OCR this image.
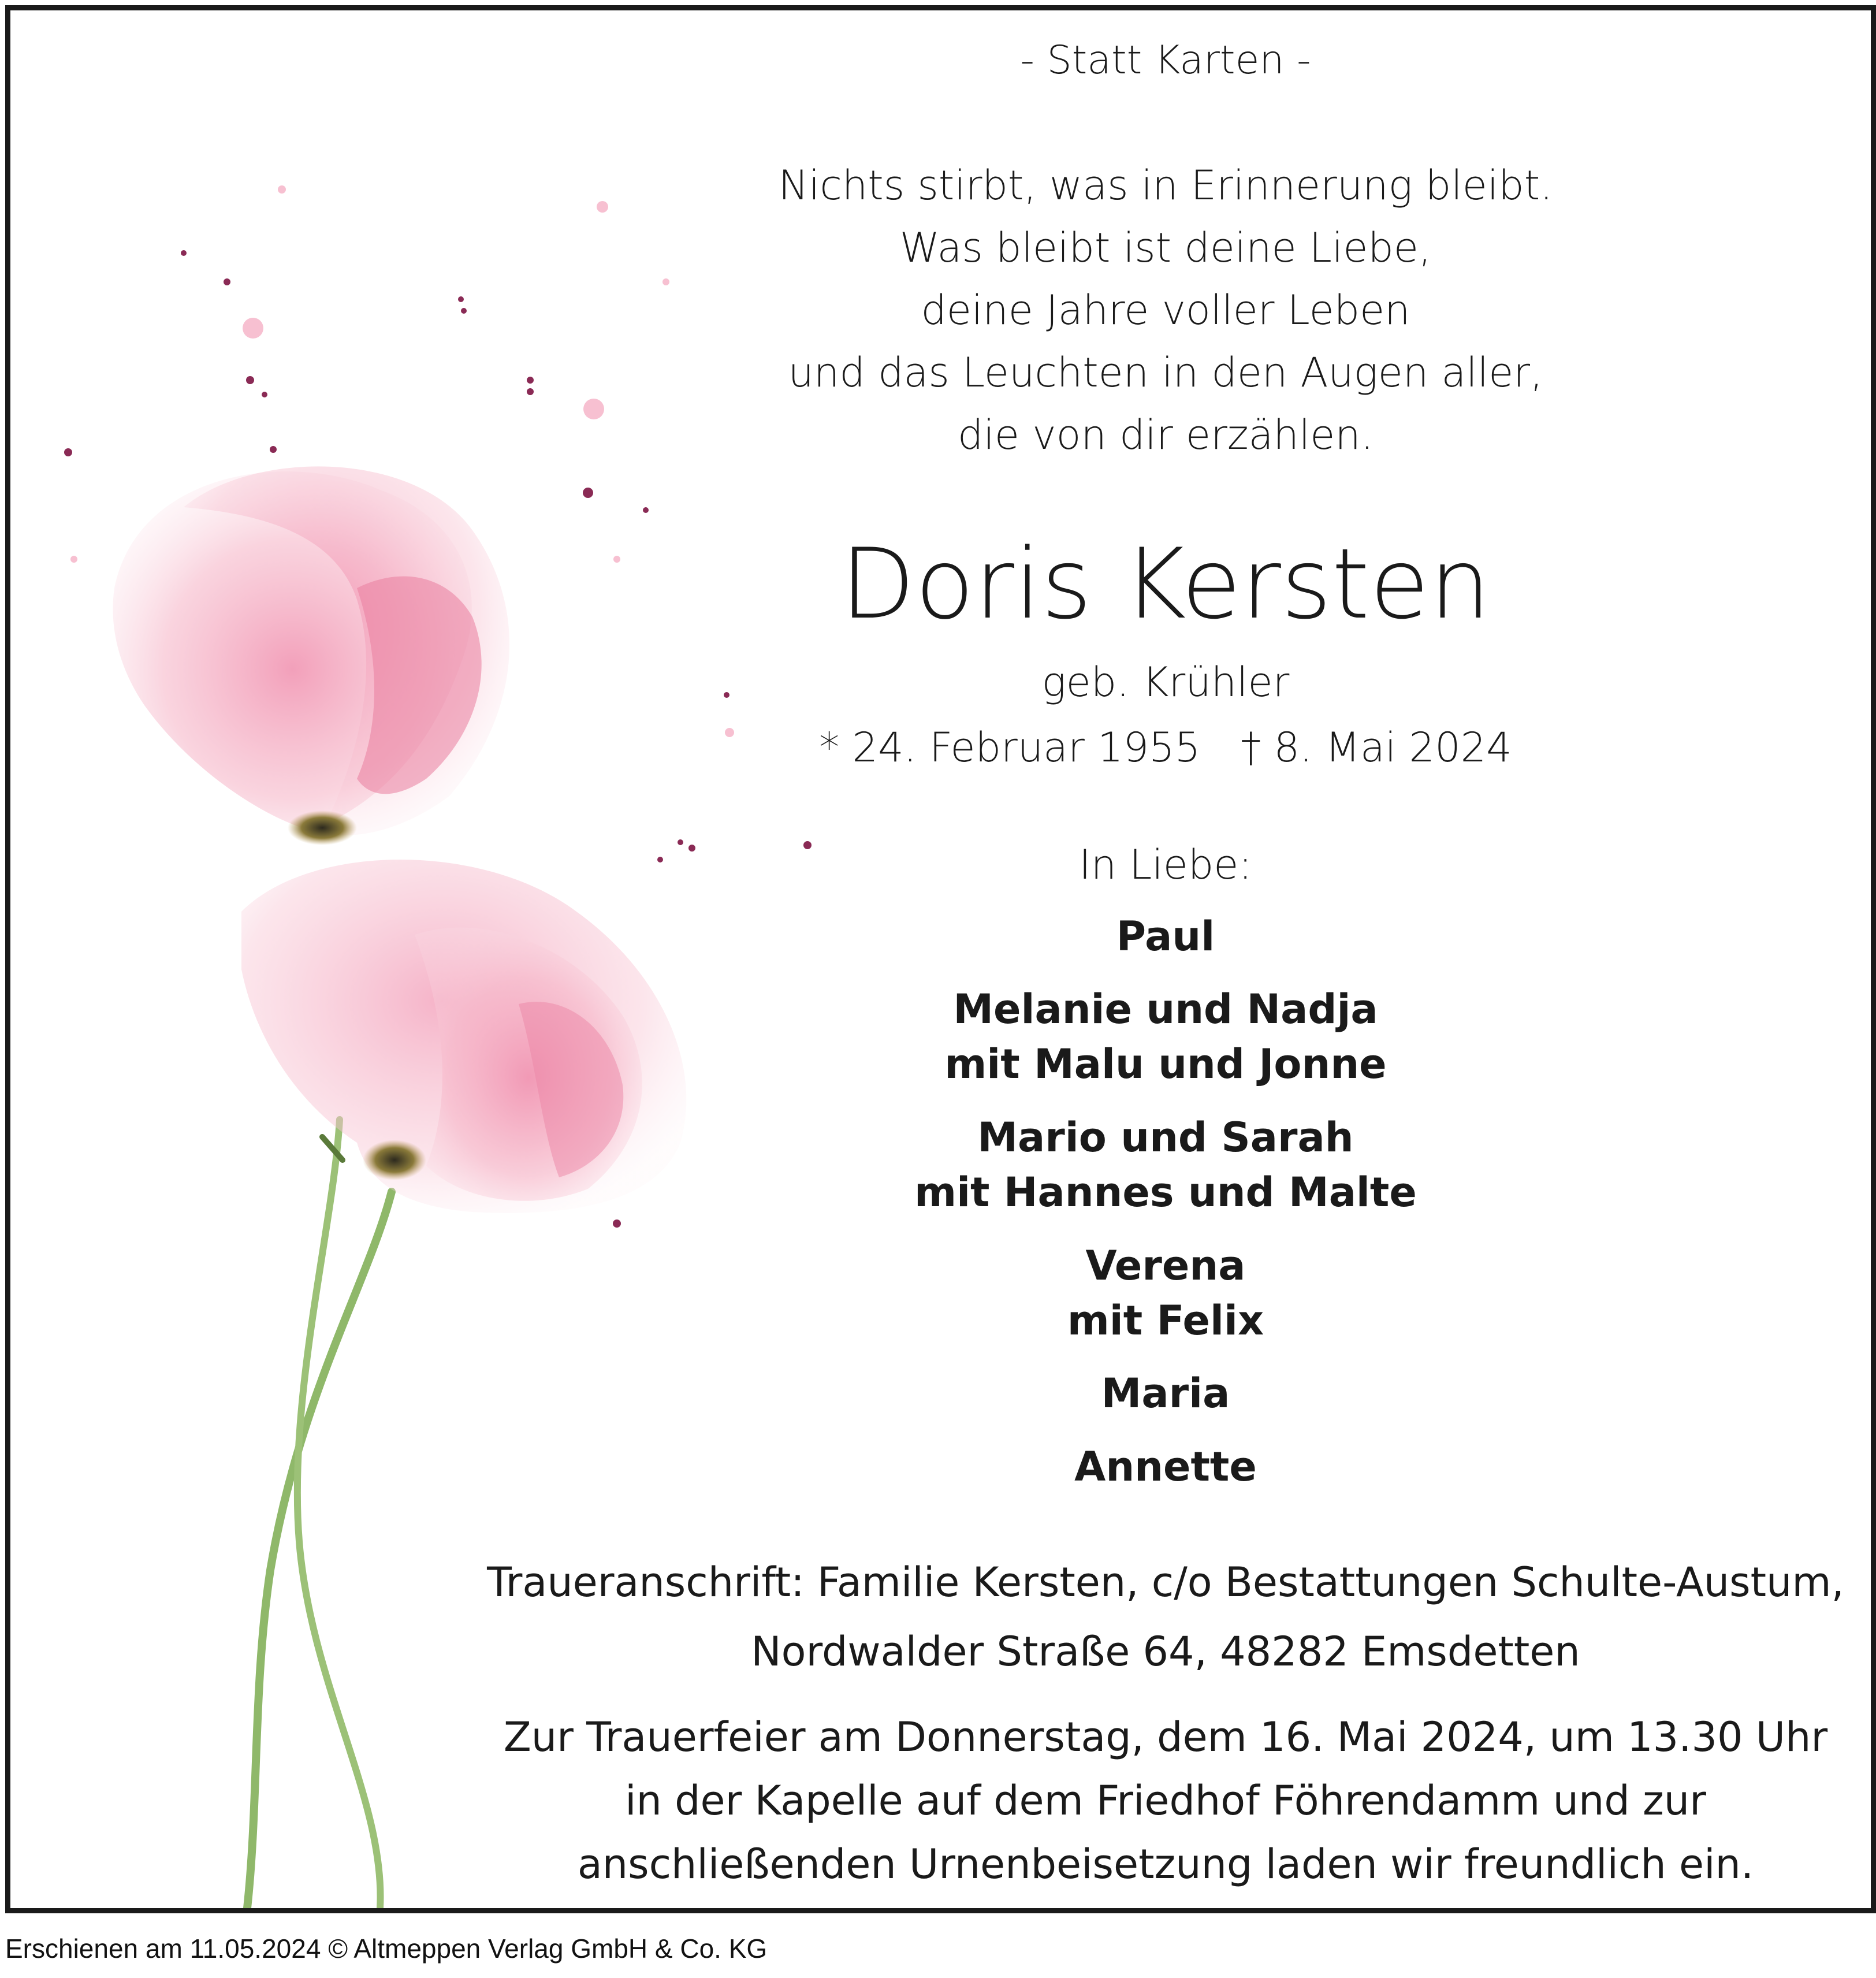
- Statt Karten -
Nichts stirbt, was in Erinnerung bleibt.
Was bleibt ist deine Liebe,
deine Jahre voller Leben
und das Leuchten in den Augen aller,
die von dir erzählen.
Doris Kersten
geb. Krühler
* 24. Februar 1955 † 8. Mai 2024
In Liebe:
Paul
Melanie und Nadja
mit Malu und Jonne
Mario und Sarah
mit Hannes und Malte
Verena
mit Felix
Maria
Annette
Traueranschrift: Familie Kersten, c/o Bestattungen Schulte-Austum,
Nordwalder Straße 64, 48282 Emsdetten
Zur Trauerfeier am Donnerstag, dem 16. Mai 2024, um 13.30 Uhr
in der Kapelle auf dem Friedhof Föhrendamm und zur
anschließenden Urnenbeisetzung laden wir freundlich ein.
Erschienen am 11.05.2024 © Altmeppen Verlag GmbH & Co. KG
